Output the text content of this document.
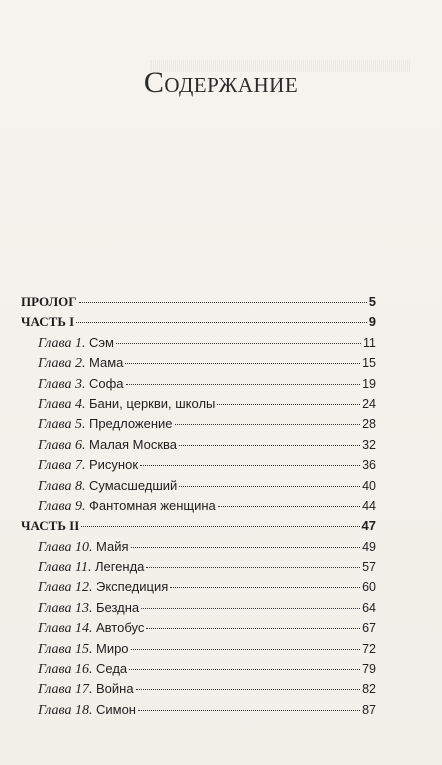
Содержание
ПРОЛОГ	5
ЧАСТЬ I	9
Глава 1. Сэм	11
Глава 2. Мама	15
Глава 3. Софа	19
Глава 4. Бани, церкви, школы	24
Глава 5. Предложение	28
Глава 6. Малая Москва	32
Глава 7. Рисунок	36
Глава 8. Сумасшедший	40
Глава 9. Фантомная женщина	44
ЧАСТЬ II	47
Глава 10. Майя	49
Глава 11. Легенда	57
Глава 12. Экспедиция	60
Глава 13. Бездна	64
Глава 14. Автобус	67
Глава 15. Миро	72
Глава 16. Седа	79
Глава 17. Война	82
Глава 18. Симон	87
